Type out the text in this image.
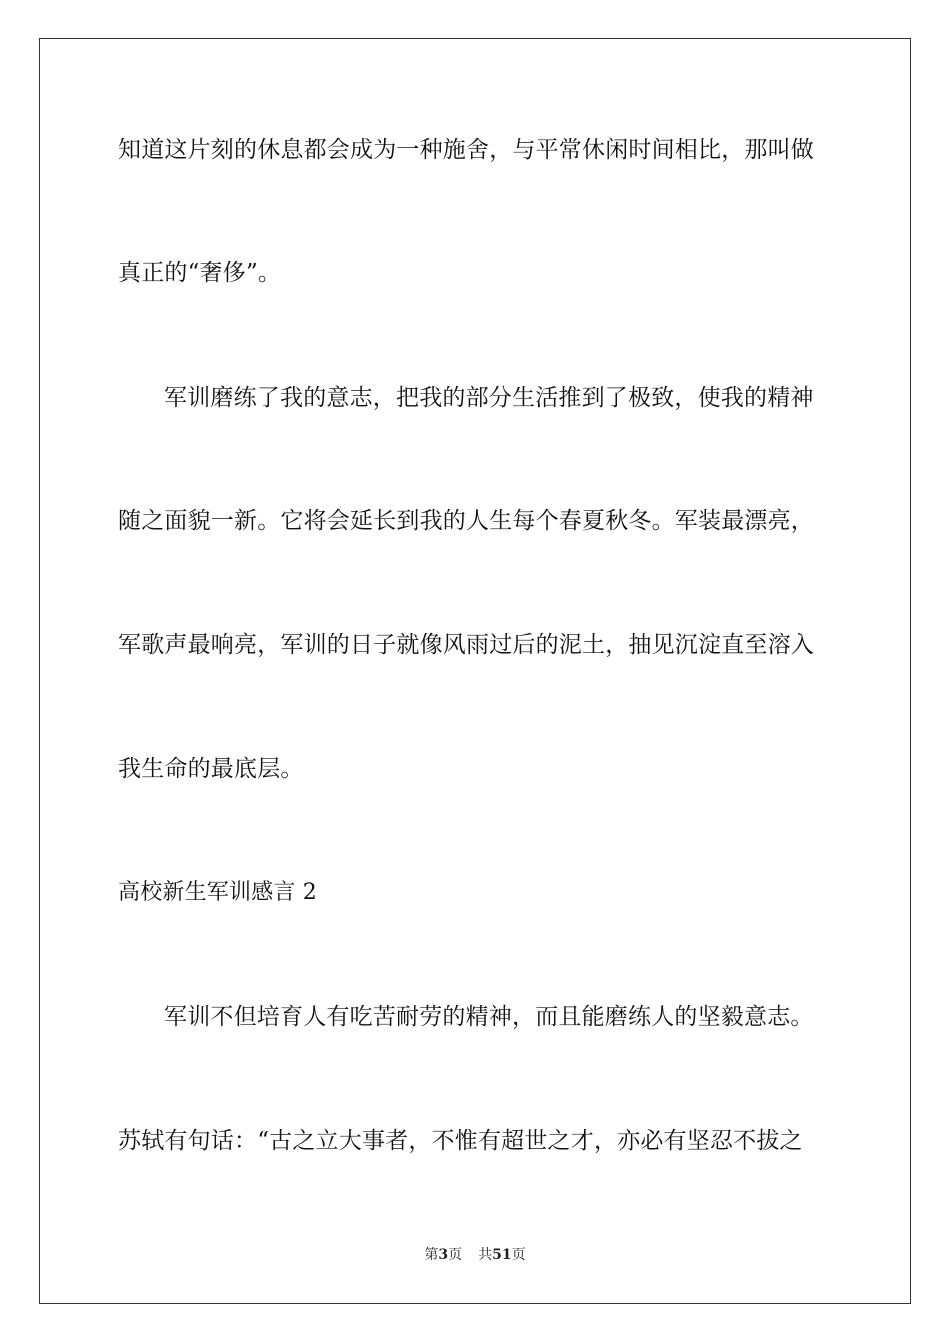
知道这片刻的休息都会成为一种施舍，与平常休闲时间相比，那叫做
真正的“奢侈”。
军训磨练了我的意志，把我的部分生活推到了极致，使我的精神
随之面貌一新。它将会延长到我的人生每个春夏秋冬。军装最漂亮，
军歌声最响亮，军训的日子就像风雨过后的泥土，抽见沉淀直至溶入
我生命的最底层。
高校新生军训感言 2
军训不但培育人有吃苦耐劳的精神，而且能磨练人的坚毅意志。
苏轼有句话：“古之立大事者，不惟有超世之才，亦必有坚忍不拔之
第3页 共51页
